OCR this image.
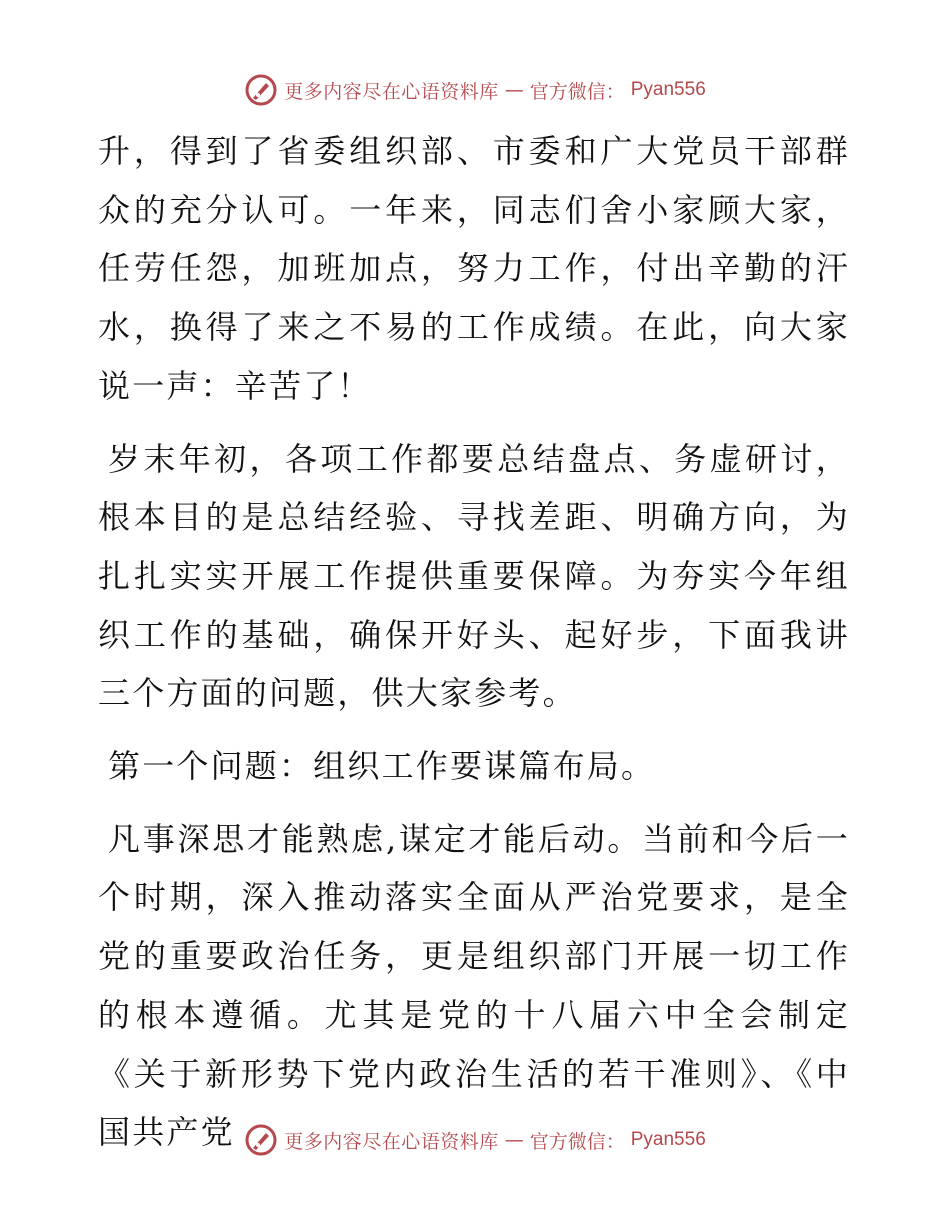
更多内容尽在心语资料库 — 官方微信： Pyan556

升，得到了省委组织部、市委和广大党员干部群众的充分认可。一年来，同志们舍小家顾大家，任劳任怨，加班加点，努力工作，付出辛勤的汗水，换得了来之不易的工作成绩。在此，向大家说一声：辛苦了！

岁末年初，各项工作都要总结盘点、务虚研讨，根本目的是总结经验、寻找差距、明确方向，为扎扎实实开展工作提供重要保障。为夯实今年组织工作的基础，确保开好头、起好步，下面我讲三个方面的问题，供大家参考。

第一个问题：组织工作要谋篇布局。

凡事深思才能熟虑,谋定才能后动。当前和今后一个时期，深入推动落实全面从严治党要求，是全党的重要政治任务，更是组织部门开展一切工作的根本遵循。尤其是党的十八届六中全会制定《关于新形势下党内政治生活的若干准则》、《中国共产党	更多内容尽在心语资料库 — 官方微信： Pyan556
